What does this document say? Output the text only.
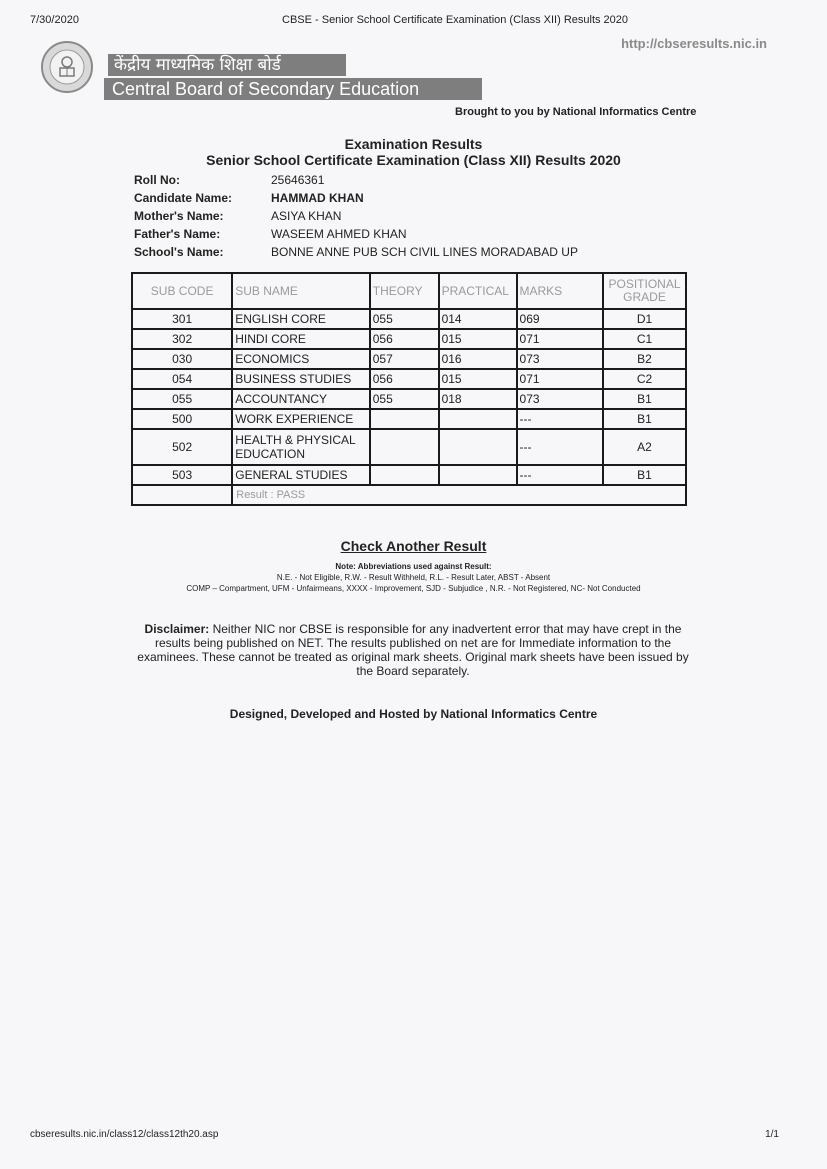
7/30/2020	CBSE - Senior School Certificate Examination (Class XII) Results 2020
http://cbseresults.nic.in
केंद्रीय माध्यमिक शिक्षा बोर्ड
Central Board of Secondary Education
Brought to you by National Informatics Centre
Examination Results
Senior School Certificate Examination (Class XII) Results 2020
Roll No:	25646361
Candidate Name:	HAMMAD KHAN
Mother's Name:	ASIYA KHAN
Father's Name:	WASEEM AHMED KHAN
School's Name:	BONNE ANNE PUB SCH CIVIL LINES MORADABAD UP
SUB CODE	SUB NAME	THEORY	PRACTICAL	MARKS	POSITIONAL GRADE
301	ENGLISH CORE	055	014	069	D1
302	HINDI CORE	056	015	071	C1
030	ECONOMICS	057	016	073	B2
054	BUSINESS STUDIES	056	015	071	C2
055	ACCOUNTANCY	055	018	073	B1
500	WORK EXPERIENCE			---	B1
502	HEALTH & PHYSICAL EDUCATION			---	A2
503	GENERAL STUDIES			---	B1
	Result : PASS				
Check Another Result
Note: Abbreviations used against Result:
N.E. - Not Eligible, R.W. - Result Withheld, R.L. - Result Later, ABST - Absent
COMP – Compartment, UFM - Unfairmeans, XXXX - Improvement, SJD - Subjudice , N.R. - Not Registered, NC- Not Conducted
Disclaimer: Neither NIC nor CBSE is responsible for any inadvertent error that may have crept in the results being published on NET. The results published on net are for Immediate information to the examinees. These cannot be treated as original mark sheets. Original mark sheets have been issued by the Board separately.
Designed, Developed and Hosted by National Informatics Centre
cbseresults.nic.in/class12/class12th20.asp	1/1
